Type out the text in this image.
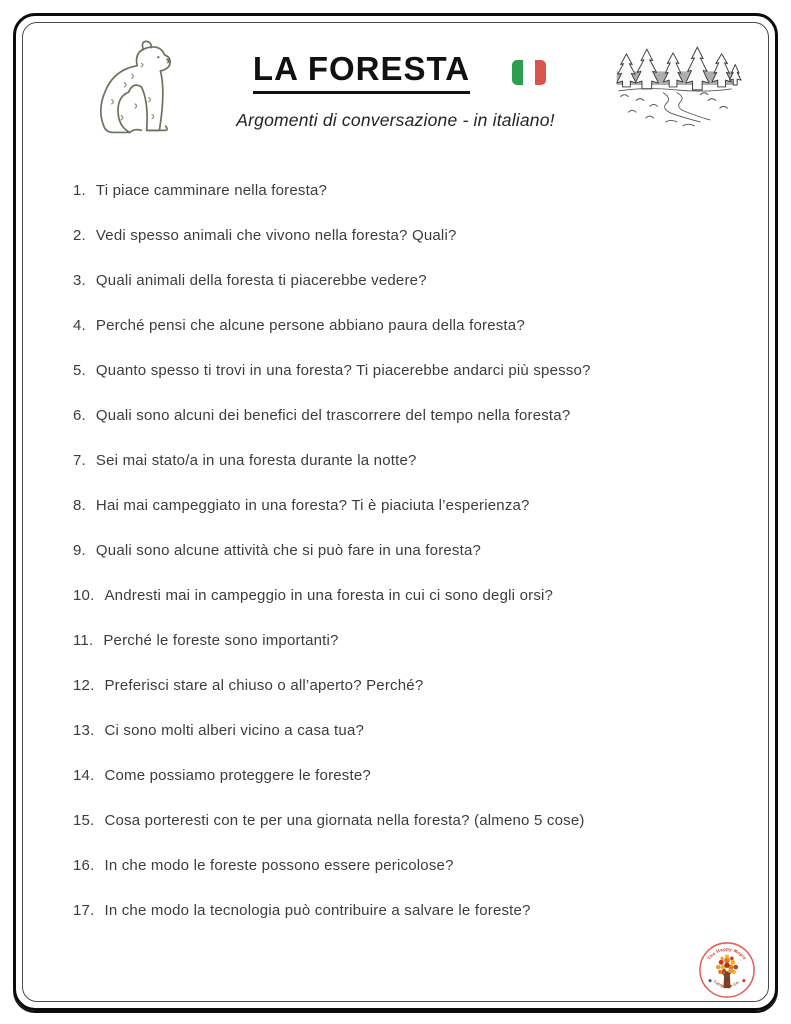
LA FORESTA
Argomenti di conversazione - in italiano!
1. Ti piace camminare nella foresta?
2. Vedi spesso animali che vivono nella foresta? Quali?
3. Quali animali della foresta ti piacerebbe vedere?
4. Perché pensi che alcune persone abbiano paura della foresta?
5. Quanto spesso ti trovi in una foresta? Ti piacerebbe andarci più spesso?
6. Quali sono alcuni dei benefici del trascorrere del tempo nella foresta?
7. Sei mai stato/a in una foresta durante la notte?
8. Hai mai campeggiato in una foresta? Ti è piaciuta l’esperienza?
9. Quali sono alcune attività che si può fare in una foresta?
10. Andresti mai in campeggio in una foresta in cui ci sono degli orsi?
11. Perché le foreste sono importanti?
12. Preferisci stare al chiuso o all’aperto? Perché?
13. Ci sono molti alberi vicino a casa tua?
14. Come possiamo proteggere le foreste?
15. Cosa porteresti con te per una giornata nella foresta? (almeno 5 cose)
16. In che modo le foreste possono essere pericolose?
17. In che modo la tecnologia può contribuire a salvare le foreste?
The Happy Maple
Language Co.
